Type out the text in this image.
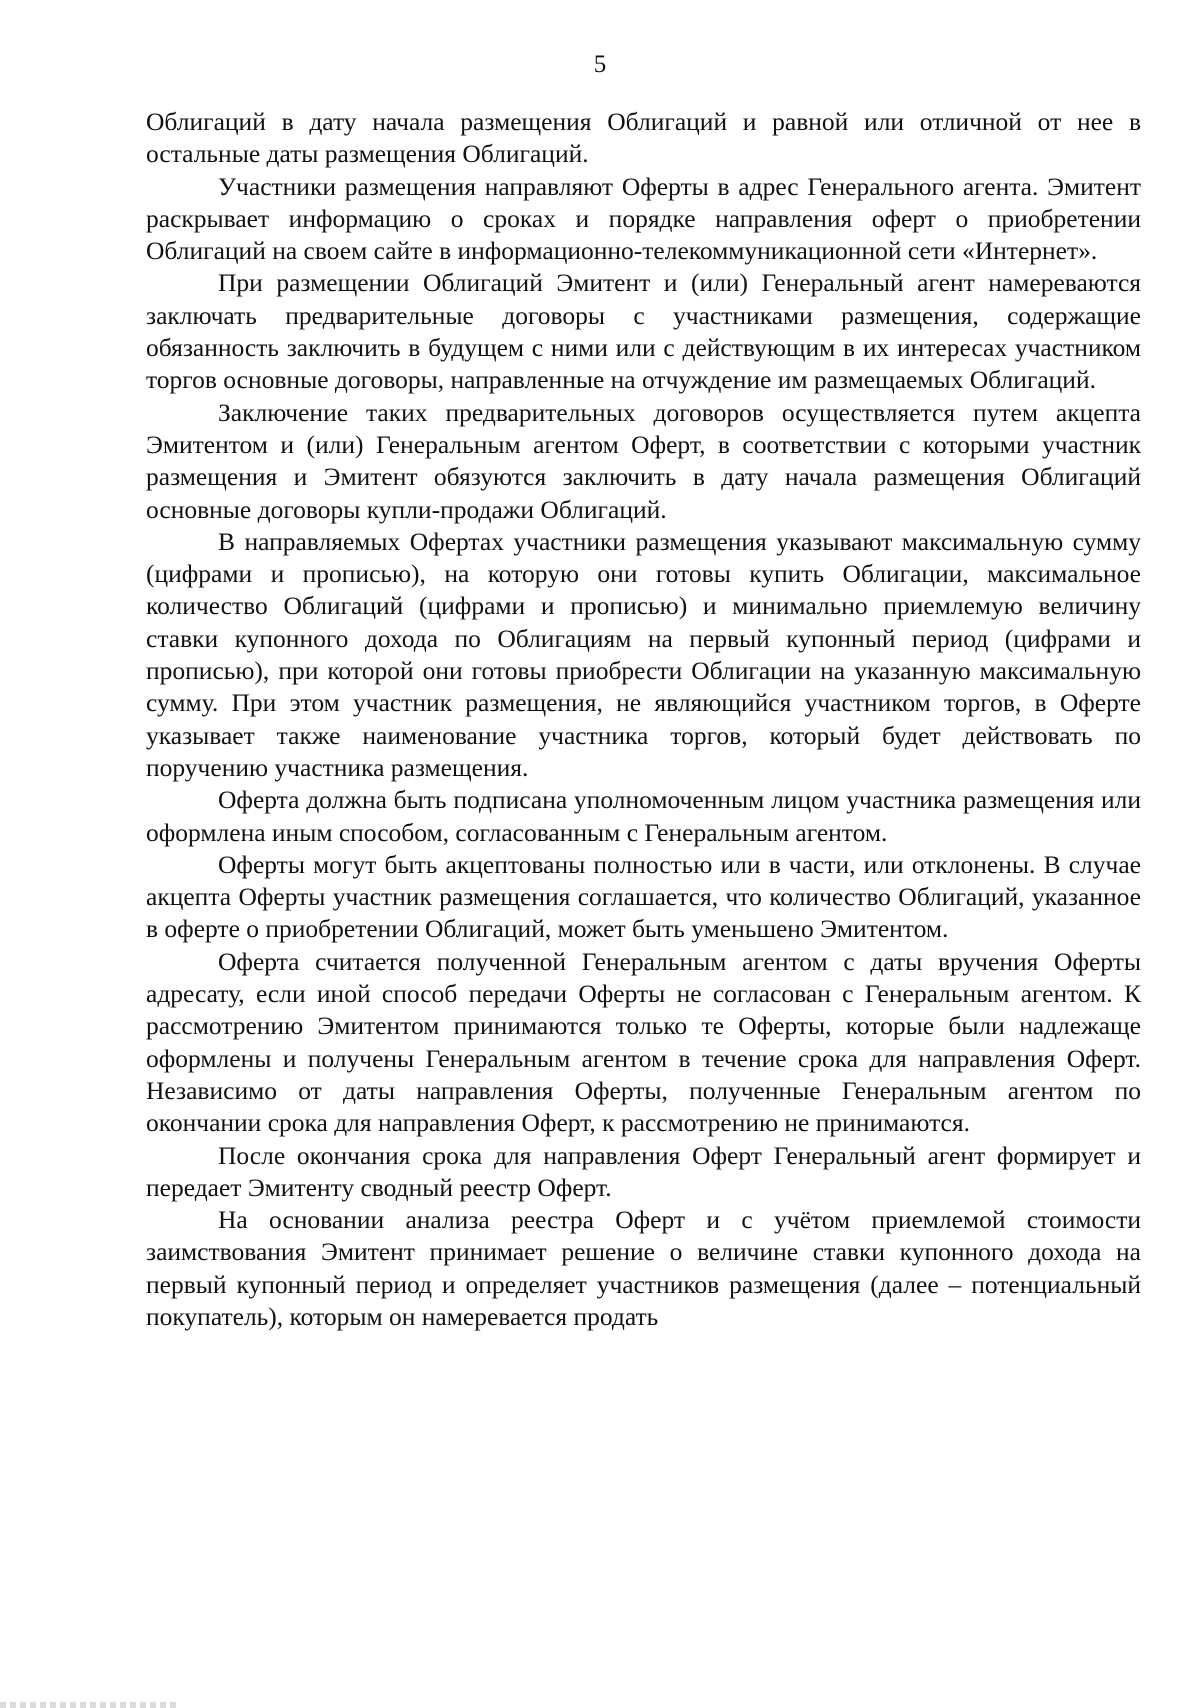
5

Облигаций в дату начала размещения Облигаций и равной или отличной от нее в остальные даты размещения Облигаций.

Участники размещения направляют Оферты в адрес Генерального агента. Эмитент раскрывает информацию о сроках и порядке направления оферт о приобретении Облигаций на своем сайте в информационно-телекоммуникационной сети «Интернет».

При размещении Облигаций Эмитент и (или) Генеральный агент намереваются заключать предварительные договоры с участниками размещения, содержащие обязанность заключить в будущем с ними или с действующим в их интересах участником торгов основные договоры, направленные на отчуждение им размещаемых Облигаций.

Заключение таких предварительных договоров осуществляется путем акцепта Эмитентом и (или) Генеральным агентом Оферт, в соответствии с которыми участник размещения и Эмитент обязуются заключить в дату начала размещения Облигаций основные договоры купли-продажи Облигаций.

В направляемых Офертах участники размещения указывают максимальную сумму (цифрами и прописью), на которую они готовы купить Облигации, максимальное количество Облигаций (цифрами и прописью) и минимально приемлемую величину ставки купонного дохода по Облигациям на первый купонный период (цифрами и прописью), при которой они готовы приобрести Облигации на указанную максимальную сумму. При этом участник размещения, не являющийся участником торгов, в Оферте указывает также наименование участника торгов, который будет действовать по поручению участника размещения.

Оферта должна быть подписана уполномоченным лицом участника размещения или оформлена иным способом, согласованным с Генеральным агентом.

Оферты могут быть акцептованы полностью или в части, или отклонены. В случае акцепта Оферты участник размещения соглашается, что количество Облигаций, указанное в оферте о приобретении Облигаций, может быть уменьшено Эмитентом.

Оферта считается полученной Генеральным агентом с даты вручения Оферты адресату, если иной способ передачи Оферты не согласован с Генеральным агентом. К рассмотрению Эмитентом принимаются только те Оферты, которые были надлежаще оформлены и получены Генеральным агентом в течение срока для направления Оферт. Независимо от даты направления Оферты, полученные Генеральным агентом по окончании срока для направления Оферт, к рассмотрению не принимаются.

После окончания срока для направления Оферт Генеральный агент формирует и передает Эмитенту сводный реестр Оферт.

На основании анализа реестра Оферт и с учётом приемлемой стоимости заимствования Эмитент принимает решение о величине ставки купонного дохода на первый купонный период и определяет участников размещения (далее – потенциальный покупатель), которым он намеревается продать
